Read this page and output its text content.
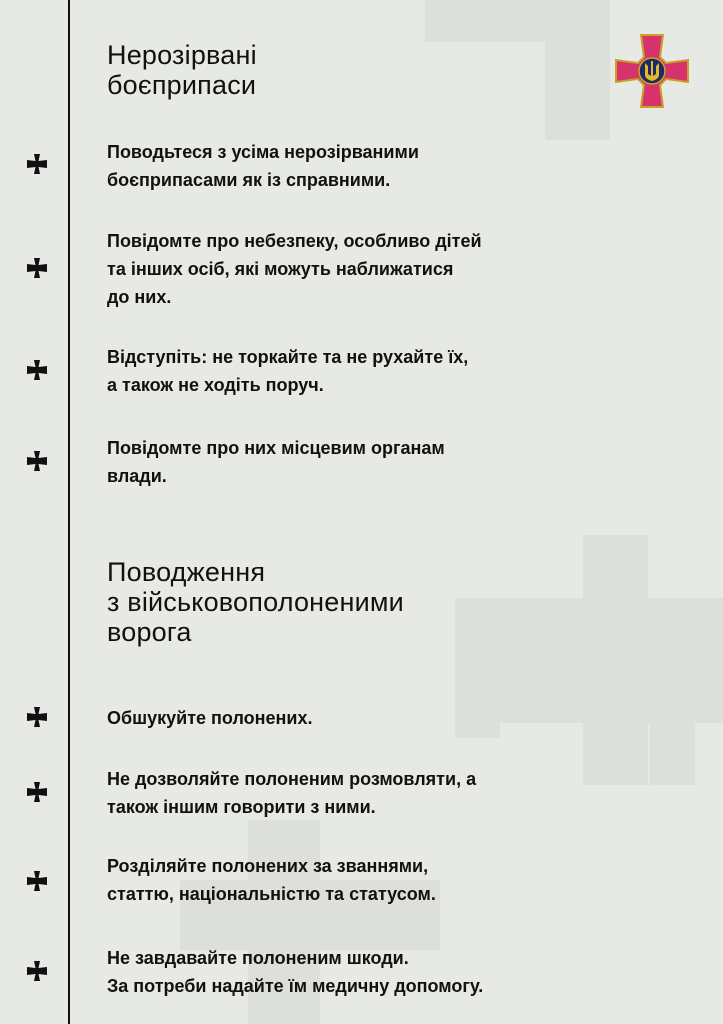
Нерозірвані
боєприпаси

Поводьтеся з усіма нерозірваними
боєприпасами як із справними.

Повідомте про небезпеку, особливо дітей
та інших осіб, які можуть наближатися
до них.

Відступіть: не торкайте та не рухайте їх,
а також не ходіть поруч.

Повідомте про них місцевим органам
влади.

Поводження
з військовополоненими
ворога

Обшукуйте полонених.

Не дозволяйте полоненим розмовляти, а
також іншим говорити з ними.

Розділяйте полонених за званнями,
статтю, національністю та статусом.

Не завдавайте полоненим шкоди.
За потреби надайте їм медичну допомогу.
